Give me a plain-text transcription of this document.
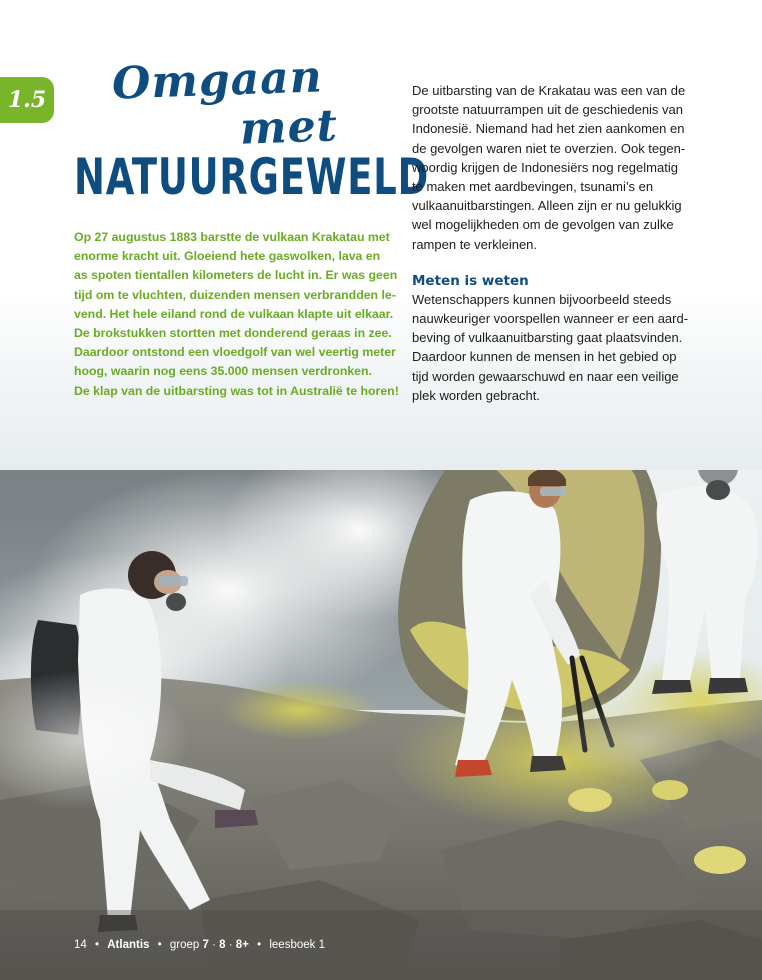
1.5 Omgaan
met
NATUURGEWELD

Op 27 augustus 1883 barstte de vulkaan Krakatau met

enorme kracht uit. Gloeiend hete gaswolken, lava en

as spoten tientallen kilometers de lucht in. Er was geen

tijd om te vluchten, duizenden mensen verbrandden le-

vend. Het hele eiland rond de vulkaan klapte uit elkaar.

De brokstukken stortten met donderend geraas in zee.

Daardoor ontstond een vloedgolf van wel veertig meter

hoog, waarin nog eens 35.000 mensen verdronken.

De klap van de uitbarsting was tot in Australië te horen!

De uitbarsting van de Krakatau was een van de

grootste natuurrampen uit de geschiedenis van

Indonesië. Niemand had het zien aankomen en

de gevolgen waren niet te overzien. Ook tegen-

woordig krijgen de Indonesiërs nog regelmatig

te maken met aardbevingen, tsunami’s en

vulkaanuitbarstingen. Alleen zijn er nu gelukkig

wel mogelijkheden om de gevolgen van zulke

rampen te verkleinen.

Meten is weten

Wetenschappers kunnen bijvoorbeeld steeds

nauwkeuriger voorspellen wanneer er een aard-

beving of vulkaanuitbarsting gaat plaatsvinden.

Daardoor kunnen de mensen in het gebied op

tijd worden gewaarschuwd en naar een veilige

plek worden gebracht.

14 • Atlantis • groep 7 · 8 · 8+ • leesboek 1
